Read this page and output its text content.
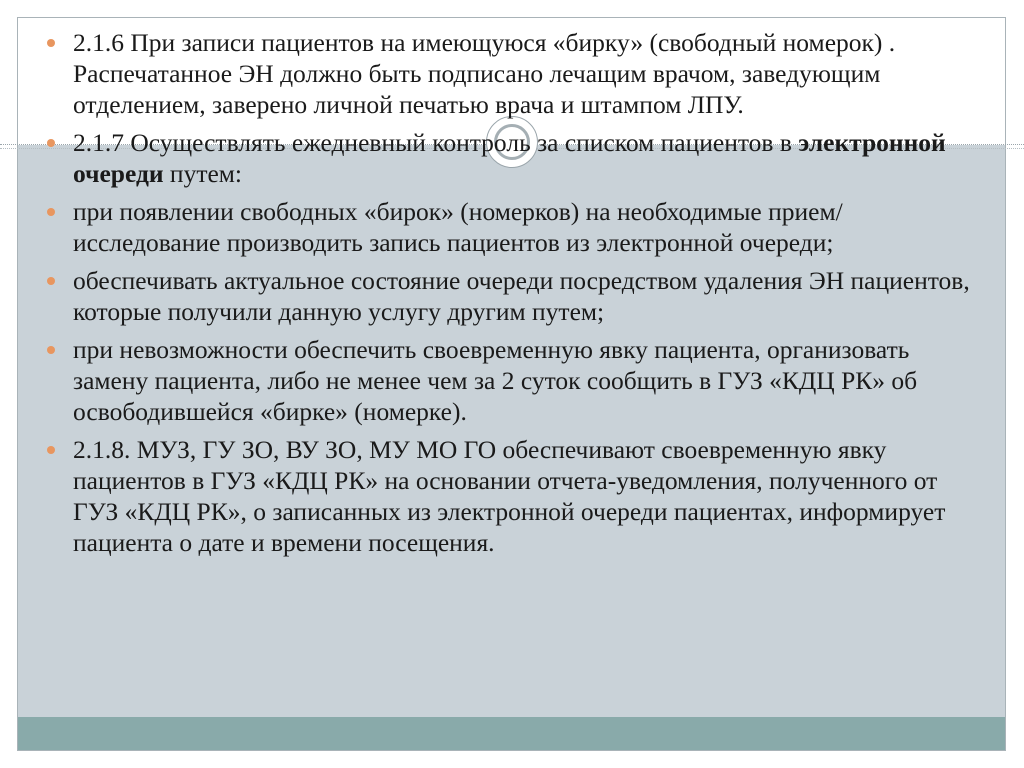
2.1.6 При записи пациентов на имеющуюся «бирку» (свободный номерок) . Распечатанное ЭН должно быть подписано лечащим врачом, заведующим отделением, заверено личной печатью врача и штампом ЛПУ.
2.1.7 Осуществлять ежедневный контроль за списком пациентов в электронной очереди путем:
при появлении свободных «бирок» (номерков) на необходимые прием/исследование производить запись пациентов из электронной очереди;
обеспечивать актуальное состояние очереди посредством удаления ЭН пациентов, которые получили данную услугу другим путем;
при невозможности обеспечить своевременную явку пациента, организовать замену пациента, либо не менее чем за 2 суток сообщить в ГУЗ «КДЦ РК» об освободившейся «бирке» (номерке).
2.1.8. МУЗ, ГУ ЗО, ВУ ЗО, МУ МО ГО обеспечивают своевременную явку пациентов в ГУЗ «КДЦ РК» на основании отчета-уведомления, полученного от ГУЗ «КДЦ РК», о записанных из электронной очереди пациентах, информирует пациента о дате и времени посещения.
